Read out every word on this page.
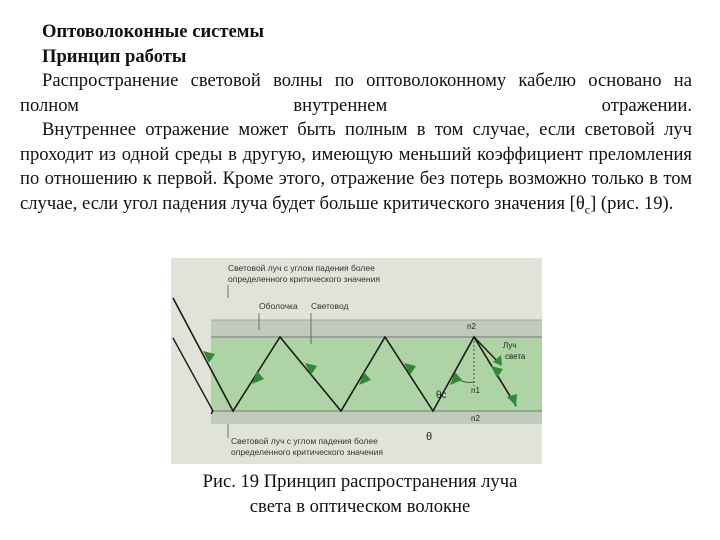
Оптоволоконные системы
Принцип работы

Распространение световой волны по оптоволоконному кабелю основано на полном внутреннем отражении.

Внутреннее отражение может быть полным в том случае, если световой луч проходит из одной среды в другую, имеющую меньший коэффициент преломления по отношению к первой. Кроме этого, отражение без потерь возможно только в том случае, если угол падения луча будет больше критического значения $[\theta_c]$ (рис. 19).

Световой луч с углом падения более
определенного критического значения
Оболочка Световод
n2
n1
n2
Луч
света
θc
Световой луч с углом падения более
определенного критического значения
θ
Рис. 19 Принцип распространения луча
света в оптическом волокне
